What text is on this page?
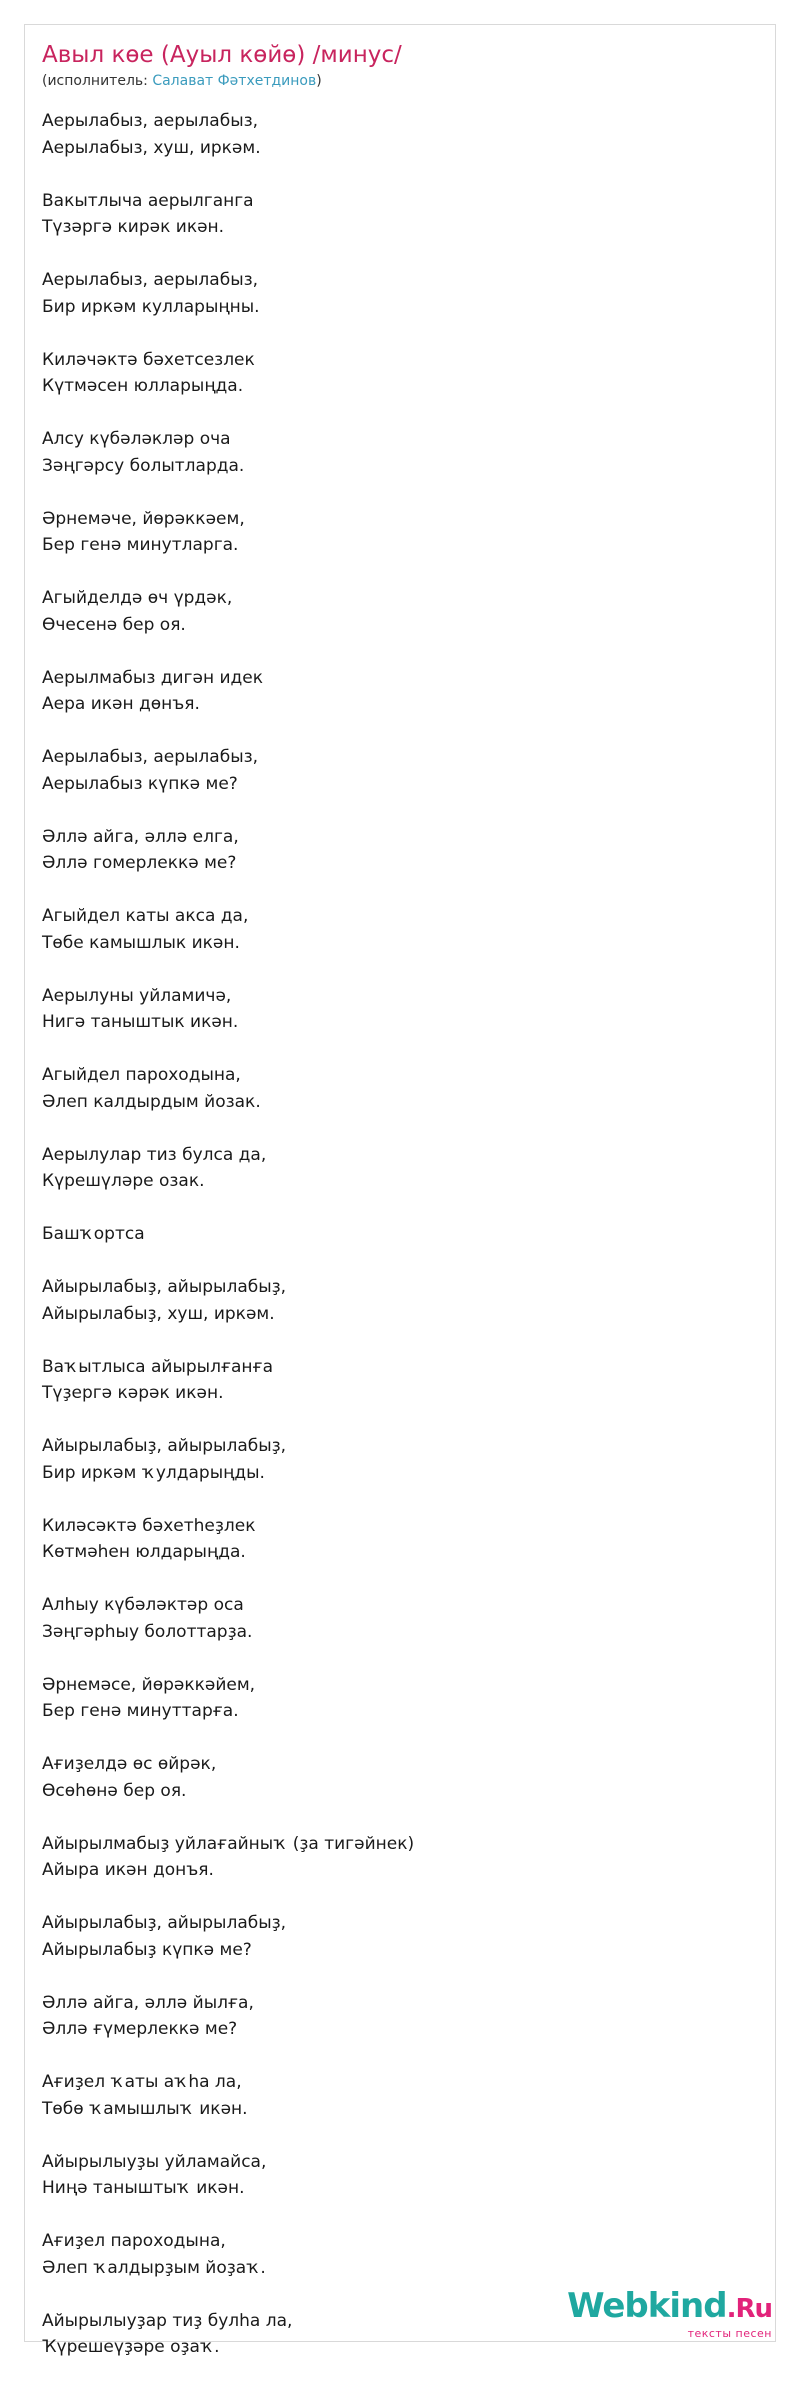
Авыл көе (Ауыл көйө) /минус/
(исполнитель: Салават Фәтхетдинов)
Аерылабыз, аерылабыз,
Аерылабыз, хуш, иркәм.
Вакытлыча аерылганга
Түзәргә кирәк икән.
Аерылабыз, аерылабыз,
Бир иркәм кулларыңны.
Киләчәктә бәхетсезлек
Күтмәсен юлларыңда.
Алсу күбәләкләр оча
Зәңгәрсу болытларда.
Әрнемәче, йөрәккәем,
Бер генә минутларга.
Агыйделдә өч үрдәк,
Өчесенә бер оя.
Аерылмабыз дигән идек
Аера икән дөнъя.
Аерылабыз, аерылабыз,
Аерылабыз күпкә ме?
Әллә айга, әллә елга,
Әллә гомерлеккә ме?
Агыйдел каты акса да,
Төбе камышлык икән.
Аерылуны уйламичә,
Нигә таныштык икән.
Агыйдел пароходына,
Әлеп калдырдым йозак.
Аерылулар тиз булса да,
Күрешүләре озак.
Башҡортса
Айырылабыҙ, айырылабыҙ,
Айырылабыҙ, хуш, иркәм.
Ваҡытлыса айырылғанға
Түҙергә кәрәк икән.
Айырылабыҙ, айырылабыҙ,
Бир иркәм ҡулдарыңды.
Киләсәктә бәхетһеҙлек
Көтмәһен юлдарыңда.
Алһыу күбәләктәр оса
Зәңгәрһыу болоттарҙа.
Әрнемәсе, йөрәккәйем,
Бер генә минуттарға.
Ағиҙелдә өс өйрәк,
Өсөһөнә бер оя.
Айырылмабыҙ уйлағайныҡ (ҙа тигәйнек)
Айыра икән донъя.
Айырылабыҙ, айырылабыҙ,
Айырылабыҙ күпкә ме?
Әллә айга, әллә йылға,
Әллә ғүмерлеккә ме?
Ағиҙел ҡаты аҡһа ла,
Төбө ҡамышлыҡ икән.
Айырылыуҙы уйламайса,
Ниңә таныштыҡ икән.
Ағиҙел пароходына,
Әлеп ҡалдырҙым йоҙаҡ.
Айырылыуҙар тиҙ булһа ла,
Ҡүрешеүҙәре оҙаҡ.
Webkind.Ru
тексты песен
